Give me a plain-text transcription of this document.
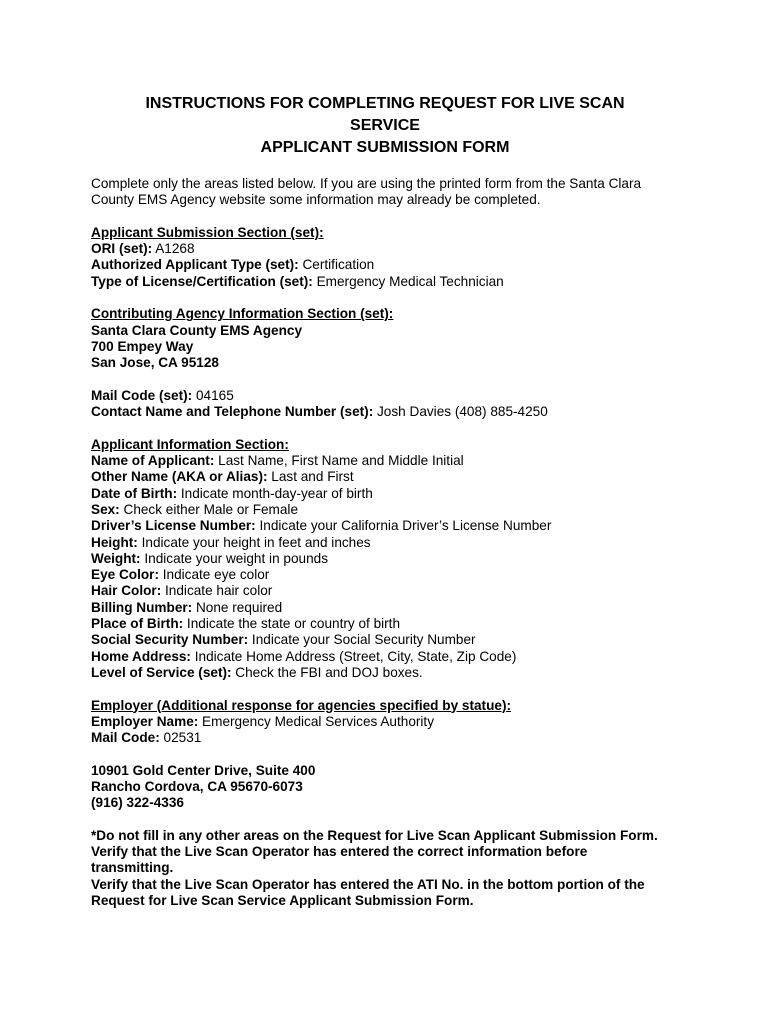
INSTRUCTIONS FOR COMPLETING REQUEST FOR LIVE SCAN
SERVICE
APPLICANT SUBMISSION FORM
Complete only the areas listed below. If you are using the printed form from the Santa Clara
County EMS Agency website some information may already be completed.
Applicant Submission Section (set):
ORI (set): A1268
Authorized Applicant Type (set): Certification
Type of License/Certification (set): Emergency Medical Technician
Contributing Agency Information Section (set):
Santa Clara County EMS Agency
700 Empey Way
San Jose, CA 95128
Mail Code (set): 04165
Contact Name and Telephone Number (set): Josh Davies (408) 885-4250
Applicant Information Section:
Name of Applicant: Last Name, First Name and Middle Initial
Other Name (AKA or Alias): Last and First
Date of Birth: Indicate month-day-year of birth
Sex: Check either Male or Female
Driver’s License Number: Indicate your California Driver’s License Number
Height: Indicate your height in feet and inches
Weight: Indicate your weight in pounds
Eye Color: Indicate eye color
Hair Color: Indicate hair color
Billing Number: None required
Place of Birth: Indicate the state or country of birth
Social Security Number: Indicate your Social Security Number
Home Address: Indicate Home Address (Street, City, State, Zip Code)
Level of Service (set): Check the FBI and DOJ boxes.
Employer (Additional response for agencies specified by statue):
Employer Name: Emergency Medical Services Authority
Mail Code: 02531
10901 Gold Center Drive, Suite 400
Rancho Cordova, CA 95670-6073
(916) 322-4336
*Do not fill in any other areas on the Request for Live Scan Applicant Submission Form.
Verify that the Live Scan Operator has entered the correct information before
transmitting.
Verify that the Live Scan Operator has entered the ATI No. in the bottom portion of the
Request for Live Scan Service Applicant Submission Form.
